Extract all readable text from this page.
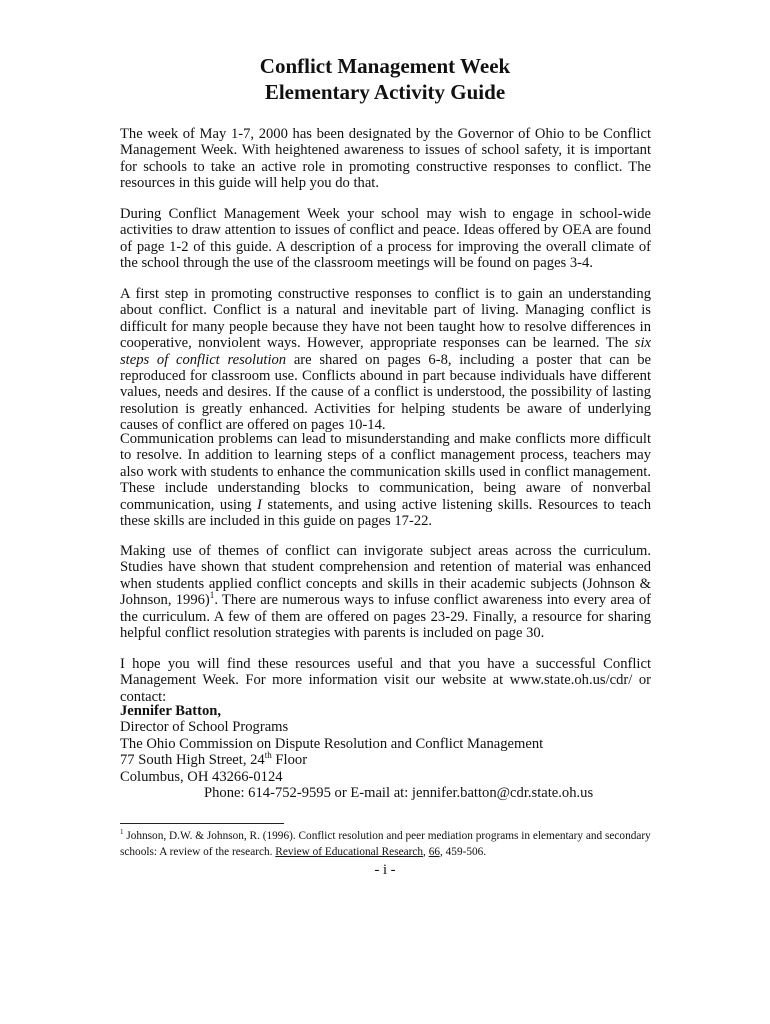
Conflict Management Week
Elementary Activity Guide

The week of May 1-7, 2000 has been designated by the Governor of Ohio to be Conflict Management Week. With heightened awareness to issues of school safety, it is important for schools to take an active role in promoting constructive responses to conflict. The resources in this guide will help you do that.

During Conflict Management Week your school may wish to engage in school-wide activities to draw attention to issues of conflict and peace. Ideas offered by OEA are found of page 1-2 of this guide. A description of a process for improving the overall climate of the school through the use of the classroom meetings will be found on pages 3-4.

A first step in promoting constructive responses to conflict is to gain an understanding about conflict. Conflict is a natural and inevitable part of living. Managing conflict is difficult for many people because they have not been taught how to resolve differences in cooperative, nonviolent ways. However, appropriate responses can be learned. The six steps of conflict resolution are shared on pages 6-8, including a poster that can be reproduced for classroom use. Conflicts abound in part because individuals have different values, needs and desires. If the cause of a conflict is understood, the possibility of lasting resolution is greatly enhanced. Activities for helping students be aware of underlying causes of conflict are offered on pages 10-14.

Communication problems can lead to misunderstanding and make conflicts more difficult to resolve. In addition to learning steps of a conflict management process, teachers may also work with students to enhance the communication skills used in conflict management. These include understanding blocks to communication, being aware of nonverbal communication, using I statements, and using active listening skills. Resources to teach these skills are included in this guide on pages 17-22.

Making use of themes of conflict can invigorate subject areas across the curriculum. Studies have shown that student comprehension and retention of material was enhanced when students applied conflict concepts and skills in their academic subjects (Johnson & Johnson, 1996)$^1$. There are numerous ways to infuse conflict awareness into every area of the curriculum. A few of them are offered on pages 23-29. Finally, a resource for sharing helpful conflict resolution strategies with parents is included on page 30.

I hope you will find these resources useful and that you have a successful Conflict Management Week. For more information visit our website at www.state.oh.us/cdr/ or contact:

Jennifer Batton,
Director of School Programs
The Ohio Commission on Dispute Resolution and Conflict Management
77 South High Street, 24th Floor
Columbus, OH 43266-0124
Phone: 614-752-9595 or E-mail at: jennifer.batton@cdr.state.oh.us
$^1$ Johnson, D.W. & Johnson, R. (1996). Conflict resolution and peer mediation programs in elementary and secondary schools: A review of the research. Review of Educational Research, 66, 459-506.
- i -
